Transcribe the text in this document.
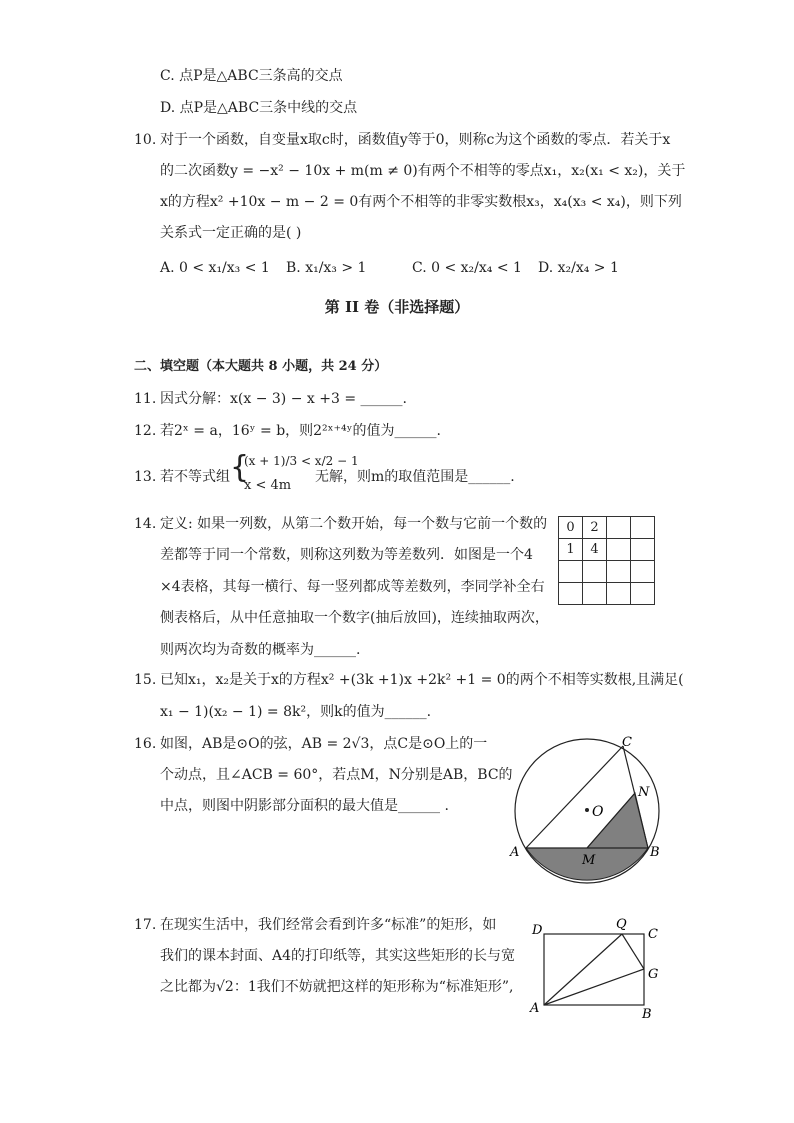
C. 点P是△ABC三条高的交点
D. 点P是△ABC三条中线的交点
10. 对于一个函数，自变量x取c时，函数值y等于0，则称c为这个函数的零点．若关于x
的二次函数y = −x² − 10x + m(m ≠ 0)有两个不相等的零点x₁，x₂(x₁ < x₂)，关于
x的方程x² +10x − m − 2 = 0有两个不相等的非零实数根x₃，x₄(x₃ < x₄)，则下列
关系式一定正确的是( )
A. 0 < x₁/x₃ < 1 B. x₁/x₃ > 1	C. 0 < x₂/x₄ < 1 D. x₂/x₄ > 1
第 II 卷（非选择题）
二、填空题（本大题共 8 小题，共 24 分）
11. 因式分解：x(x − 3) − x +3 = ______.
12. 若2ˣ = a，16ʸ = b，则2²ˣ⁺⁴ʸ的值为______.
13. 若不等式组 {
(x + 1)/3 < x/2 − 1
x < 4m
无解，则m的取值范围是______.
14. 定义: 如果一列数，从第二个数开始，每一个数与它前一个数的
差都等于同一个常数，则称这列数为等差数列．如图是一个4
×4表格，其每一横行、每一竖列都成等差数列，李同学补全右
侧表格后，从中任意抽取一个数字(抽后放回)，连续抽取两次，
则两次均为奇数的概率为______.
0	2		
1	4		

15. 已知x₁，x₂是关于x的方程x² +(3k +1)x +2k² +1 = 0的两个不相等实数根,且满足(
x₁ − 1)(x₂ − 1) = 8k²，则k的值为______.
16. 如图，AB是⊙O的弦，AB = 2√3，点C是⊙O上的一
个动点，且∠ACB = 60°，若点M，N分别是AB，BC的
中点，则图中阴影部分面积的最大值是______ .	O
A	B
C
N
M
17. 在现实生活中，我们经常会看到许多“标准”的矩形，如
我们的课本封面、A4的打印纸等，其实这些矩形的长与宽
之比都为√2：1我们不妨就把这样的矩形称为“标准矩形”,
D	Q
C
G
A	B
